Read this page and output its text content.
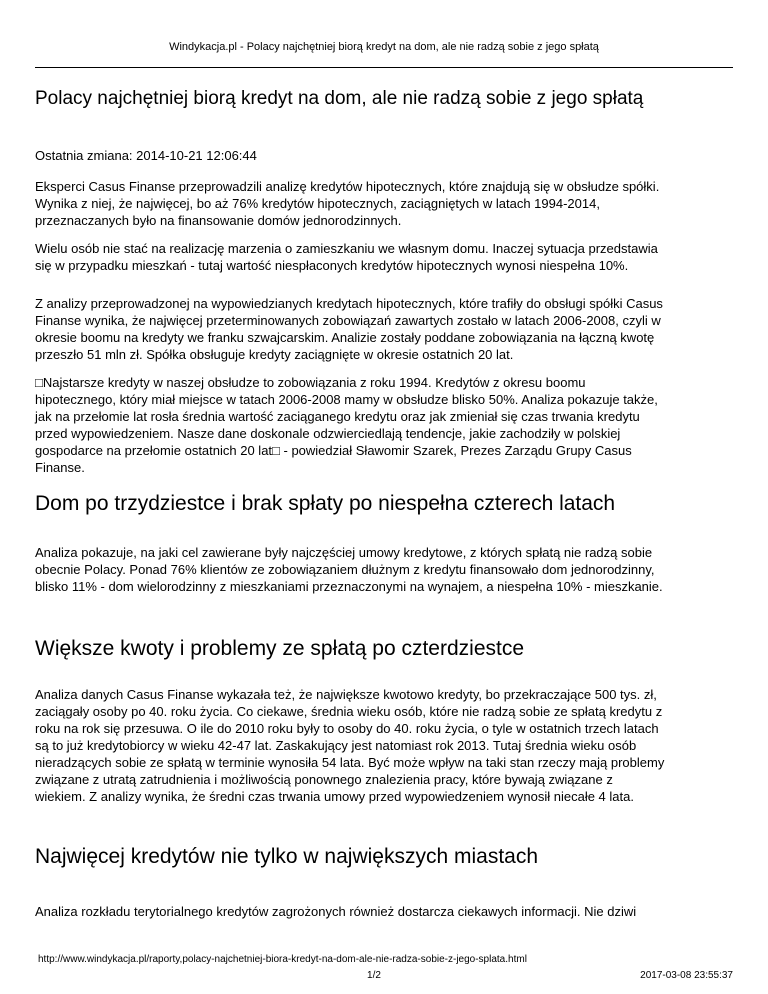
Windykacja.pl - Polacy najchętniej biorą kredyt na dom, ale nie radzą sobie z jego spłatą
Polacy najchętniej biorą kredyt na dom, ale nie radzą sobie z jego spłatą
Ostatnia zmiana: 2014-10-21 12:06:44
Eksperci Casus Finanse przeprowadzili analizę kredytów hipotecznych, które znajdują się w obsłudze spółki.
Wynika z niej, że najwięcej, bo aż 76% kredytów hipotecznych, zaciągniętych w latach 1994-2014,
przeznaczanych było na finansowanie domów jednorodzinnych.
Wielu osób nie stać na realizację marzenia o zamieszkaniu we własnym domu. Inaczej sytuacja przedstawia
się w przypadku mieszkań - tutaj wartość niespłaconych kredytów hipotecznych wynosi niespełna 10%.
Z analizy przeprowadzonej na wypowiedzianych kredytach hipotecznych, które trafiły do obsługi spółki Casus
Finanse wynika, że najwięcej przeterminowanych zobowiązań zawartych zostało w latach 2006-2008, czyli w
okresie boomu na kredyty we franku szwajcarskim. Analizie zostały poddane zobowiązania na łączną kwotę
przeszło 51 mln zł. Spółka obsługuje kredyty zaciągnięte w okresie ostatnich 20 lat.
□Najstarsze kredyty w naszej obsłudze to zobowiązania z roku 1994. Kredytów z okresu boomu
hipotecznego, który miał miejsce w tatach 2006-2008 mamy w obsłudze blisko 50%. Analiza pokazuje także,
jak na przełomie lat rosła średnia wartość zaciąganego kredytu oraz jak zmieniał się czas trwania kredytu
przed wypowiedzeniem. Nasze dane doskonale odzwierciedlają tendencje, jakie zachodziły w polskiej
gospodarce na przełomie ostatnich 20 lat□ - powiedział Sławomir Szarek, Prezes Zarządu Grupy Casus
Finanse.
Dom po trzydziestce i brak spłaty po niespełna czterech latach
Analiza pokazuje, na jaki cel zawierane były najczęściej umowy kredytowe, z których spłatą nie radzą sobie
obecnie Polacy. Ponad 76% klientów ze zobowiązaniem dłużnym z kredytu finansowało dom jednorodzinny,
blisko 11% - dom wielorodzinny z mieszkaniami przeznaczonymi na wynajem, a niespełna 10% - mieszkanie.
Większe kwoty i problemy ze spłatą po czterdziestce
Analiza danych Casus Finanse wykazała też, że największe kwotowo kredyty, bo przekraczające 500 tys. zł,
zaciągały osoby po 40. roku życia. Co ciekawe, średnia wieku osób, które nie radzą sobie ze spłatą kredytu z
roku na rok się przesuwa. O ile do 2010 roku były to osoby do 40. roku życia, o tyle w ostatnich trzech latach
są to już kredytobiorcy w wieku 42-47 lat. Zaskakujący jest natomiast rok 2013. Tutaj średnia wieku osób
nieradzących sobie ze spłatą w terminie wynosiła 54 lata. Być może wpływ na taki stan rzeczy mają problemy
związane z utratą zatrudnienia i możliwością ponownego znalezienia pracy, które bywają związane z
wiekiem. Z analizy wynika, że średni czas trwania umowy przed wypowiedzeniem wynosił niecałe 4 lata.
Najwięcej kredytów nie tylko w największych miastach
Analiza rozkładu terytorialnego kredytów zagrożonych również dostarcza ciekawych informacji. Nie dziwi
http://www.windykacja.pl/raporty,polacy-najchetniej-biora-kredyt-na-dom-ale-nie-radza-sobie-z-jego-splata.html
1/2	2017-03-08 23:55:37
